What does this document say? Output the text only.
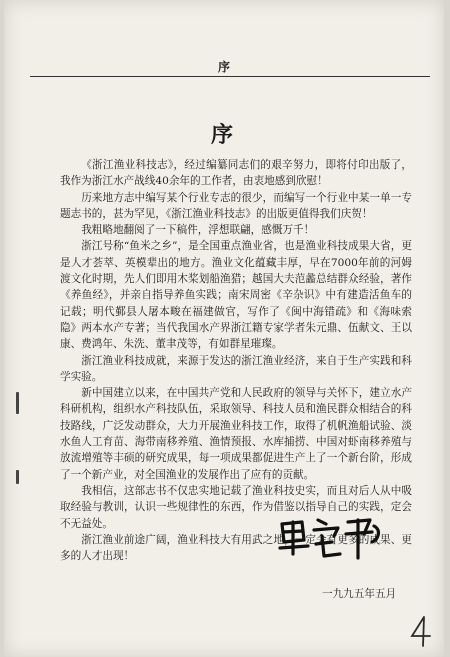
序
序

《浙江渔业科技志》，经过编纂同志们的艰辛努力，即将付印出版了，我作为浙江水产战线40余年的工作者，由衷地感到欣慰！

历来地方志中编写某个行业专志的很少，而编写一个行业中某一单一专题志书的，甚为罕见，《浙江渔业科技志》的出版更值得我们庆贺！

我粗略地翻阅了一下稿件，浮想联翩，感慨万千！

浙江号称“鱼米之乡”，是全国重点渔业省，也是渔业科技成果大省，更是人才荟萃、英模辈出的地方。渔业文化蕴藏丰厚，早在7000年前的河姆渡文化时期，先人们即用木桨划船渔猎；越国大夫范蠡总结群众经验，著作《养鱼经》，并亲自指导养鱼实践；南宋周密《辛杂识》中有建造活鱼车的记载；明代鄞县人屠本畯在福建做官，写作了《闽中海错疏》和《海味索隐》两本水产专著；当代我国水产界浙江籍专家学者朱元鼎、伍献文、王以康、费鸿年、朱洗、董聿茂等，有如群星璀璨。

浙江渔业科技成就，来源于发达的浙江渔业经济，来自于生产实践和科学实验。

新中国建立以来，在中国共产党和人民政府的领导与关怀下，建立水产科研机构，组织水产科技队伍，采取领导、科技人员和渔民群众相结合的科技路线，广泛发动群众，大力开展渔业科技工作，取得了机帆渔船试验、淡水鱼人工育苗、海带南移养殖、渔情预报、水库捕捞、中国对虾南移养殖与放流增殖等丰硕的研究成果，每一项成果都促进生产上了一个新台阶，形成了一个新产业，对全国渔业的发展作出了应有的贡献。

我相信，这部志书不仅忠实地记载了渔业科技史实，而且对后人从中吸取经验与教训，认识一些规律性的东西，作为借鉴以指导自己的实践，定会不无益处。

浙江渔业前途广阔，渔业科技大有用武之地，一定会有更多的成果、更多的人才出现！

一九九五年五月
